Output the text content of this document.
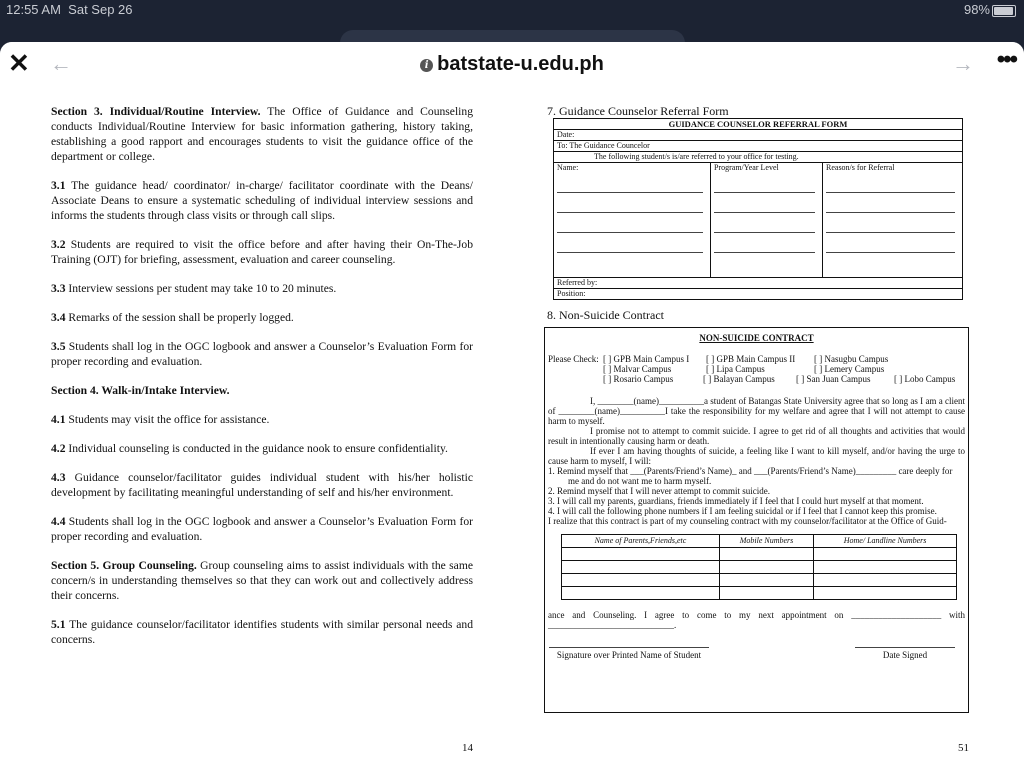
12:55 AM Sat Sep 26	98%
✕ ←	i batstate-u.edu.ph	→ •••

Section 3. Individual/Routine Interview. The Office of Guidance and Counseling conducts Individual/Routine Interview for basic information gathering, history taking, establishing a good rapport and encourages students to visit the guidance office of the department or college.

3.1 The guidance head/ coordinator/ in-charge/ facilitator coordinate with the Deans/ Associate Deans to ensure a systematic scheduling of individual interview sessions and informs the students through class visits or through call slips.

3.2 Students are required to visit the office before and after having their On-The-Job Training (OJT) for briefing, assessment, evaluation and career counseling.

3.3 Interview sessions per student may take 10 to 20 minutes.

3.4 Remarks of the session shall be properly logged.

3.5 Students shall log in the OGC logbook and answer a Counselor’s Evaluation Form for proper recording and evaluation.

Section 4. Walk-in/Intake Interview.

4.1 Students may visit the office for assistance.

4.2 Individual counseling is conducted in the guidance nook to ensure confidentiality.

4.3 Guidance counselor/facilitator guides individual student with his/her holistic development by facilitating meaningful understanding of self and his/her environment.

4.4 Students shall log in the OGC logbook and answer a Counselor’s Evaluation Form for proper recording and evaluation.

Section 5. Group Counseling. Group counseling aims to assist individuals with the same concern/s in understanding themselves so that they can work out and collectively address their concerns.

5.1 The guidance counselor/facilitator identifies students with similar personal needs and concerns.

14
7. Guidance Counselor Referral Form
GUIDANCE COUNSELOR REFERRAL FORM
Date:
To: The Guidance Councelor
The following student/s is/are referred to your office for testing.
Name:	Program/Year Level	Reason/s for Referral

Referred by:
Position:
8. Non-Suicide Contract
NON-SUICIDE CONTRACT
Please Check: [ ] GPB Main Campus I [ ] GPB Main Campus II [ ] Nasugbu Campus
[ ] Malvar Campus	[ ] Lipa Campus	[ ] Lemery Campus
[ ] Rosario Campus	[ ] Balayan Campus [ ] San Juan Campus	[ ] Lobo Campus

I, ________(name)__________a student of Batangas State University agree that so long as I am a client of ________(name)__________I take the responsibility for my welfare and agree that I will not attempt to cause harm to myself.

I promise not to attempt to commit suicide. I agree to get rid of all thoughts and activities that would result in intentionally causing harm or death.

If ever I am having thoughts of suicide, a feeling like I want to kill myself, and/or having the urge to cause harm to myself, I will:

1. Remind myself that ___(Parents/Friend’s Name)_ and ___(Parents/Friend’s Name)_________ care deeply for me and do not want me to harm myself.
2. Remind myself that I will never attempt to commit suicide.
3. I will call my parents, guardians, friends immediately if I feel that I could hurt myself at that moment.
4. I will call the following phone numbers if I am feeling suicidal or if I feel that I cannot keep this promise.

I realize that this contract is part of my counseling contract with my counselor/facilitator at the Office of Guid-

Name of Parents,Friends,etc	Mobile Numbers	Home/ Landline Numbers

ance and Counseling. I agree to come to my next appointment on ____________________ with ____________________________.

Signature over Printed Name of Student	Date Signed
51
